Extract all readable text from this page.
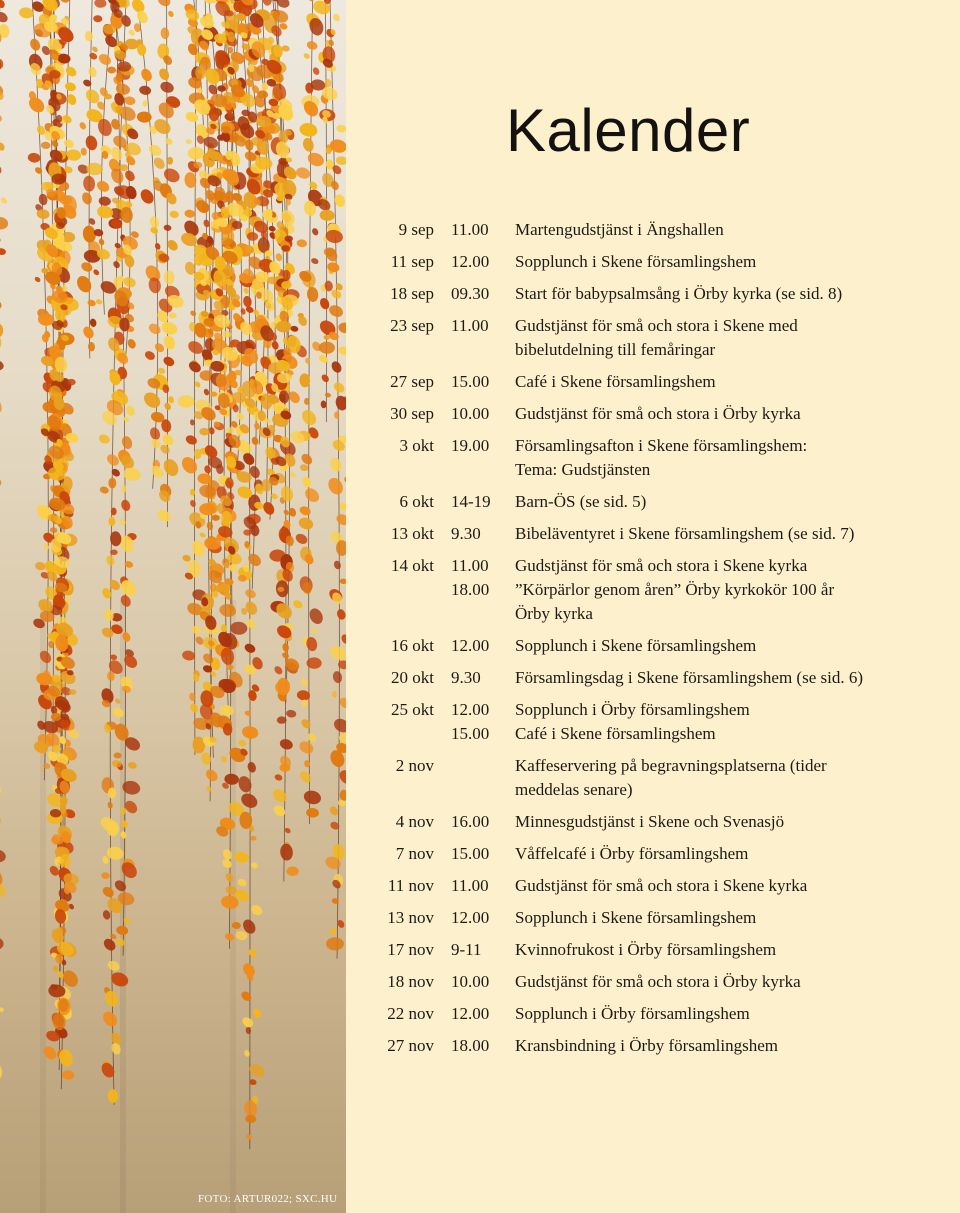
FOTO: ARTUR022; SXC.HU
Kalender
9 sep 11.00 Martengudstjänst i Ängshallen
11 sep 12.00 Sopplunch i Skene församlingshem
18 sep 09.30 Start för babypsalmsång i Örby kyrka (se sid. 8)
23 sep 11.00 Gudstjänst för små och stora i Skene med
bibelutdelning till femåringar
27 sep 15.00 Café i Skene församlingshem
30 sep 10.00 Gudstjänst för små och stora i Örby kyrka
3 okt 19.00 Församlingsafton i Skene församlingshem:
Tema: Gudstjänsten
6 okt 14-19 Barn-ÖS (se sid. 5)
13 okt 9.30 Bibeläventyret i Skene församlingshem (se sid. 7)
14 okt 11.00 Gudstjänst för små och stora i Skene kyrka
18.00 ”Körpärlor genom åren” Örby kyrkokör 100 år
Örby kyrka
16 okt 12.00 Sopplunch i Skene församlingshem
20 okt 9.30 Församlingsdag i Skene församlingshem (se sid. 6)
25 okt 12.00 Sopplunch i Örby församlingshem
15.00 Café i Skene församlingshem
2 nov	Kaffeservering på begravningsplatserna (tider
meddelas senare)
4 nov 16.00 Minnesgudstjänst i Skene och Svenasjö
7 nov 15.00 Våffelcafé i Örby församlingshem
11 nov 11.00 Gudstjänst för små och stora i Skene kyrka
13 nov 12.00 Sopplunch i Skene församlingshem
17 nov 9-11 Kvinnofrukost i Örby församlingshem
18 nov 10.00 Gudstjänst för små och stora i Örby kyrka
22 nov 12.00 Sopplunch i Örby församlingshem
27 nov 18.00 Kransbindning i Örby församlingshem
